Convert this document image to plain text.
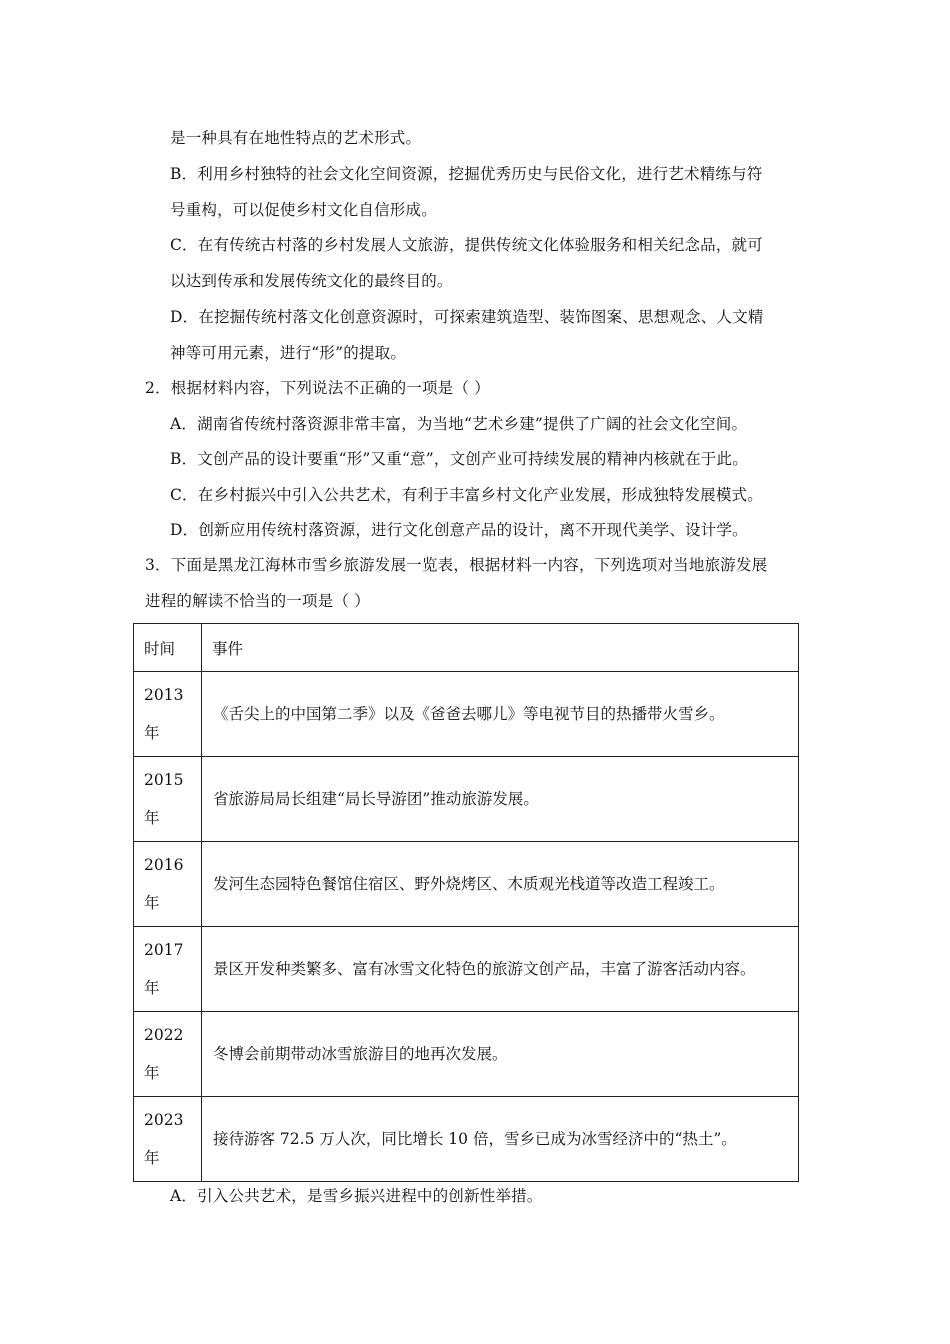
是一种具有在地性特点的艺术形式。
B．利用乡村独特的社会文化空间资源，挖掘优秀历史与民俗文化，进行艺术精练与符
号重构，可以促使乡村文化自信形成。
C．在有传统古村落的乡村发展人文旅游，提供传统文化体验服务和相关纪念品，就可
以达到传承和发展传统文化的最终目的。
D．在挖掘传统村落文化创意资源时，可探索建筑造型、装饰图案、思想观念、人文精
神等可用元素，进行“形”的提取。
2．根据材料内容，下列说法不正确的一项是（ ）
A．湖南省传统村落资源非常丰富，为当地“艺术乡建”提供了广阔的社会文化空间。
B．文创产品的设计要重“形”又重“意”，文创产业可持续发展的精神内核就在于此。
C．在乡村振兴中引入公共艺术，有利于丰富乡村文化产业发展，形成独特发展模式。
D．创新应用传统村落资源，进行文化创意产品的设计，离不开现代美学、设计学。
3．下面是黑龙江海林市雪乡旅游发展一览表，根据材料一内容，下列选项对当地旅游发展
进程的解读不恰当的一项是（ ）
时间	事件
2013
年	《舌尖上的中国第二季》以及《爸爸去哪儿》等电视节目的热播带火雪乡。
2015
年	省旅游局局长组建“局长导游团”推动旅游发展。
2016
年	发河生态园特色餐馆住宿区、野外烧烤区、木质观光栈道等改造工程竣工。
2017
年	景区开发种类繁多、富有冰雪文化特色的旅游文创产品，丰富了游客活动内容。
2022
年	冬博会前期带动冰雪旅游目的地再次发展。
2023
年	接待游客 72.5 万人次，同比增长 10 倍，雪乡已成为冰雪经济中的“热土”。
A．引入公共艺术，是雪乡振兴进程中的创新性举措。
